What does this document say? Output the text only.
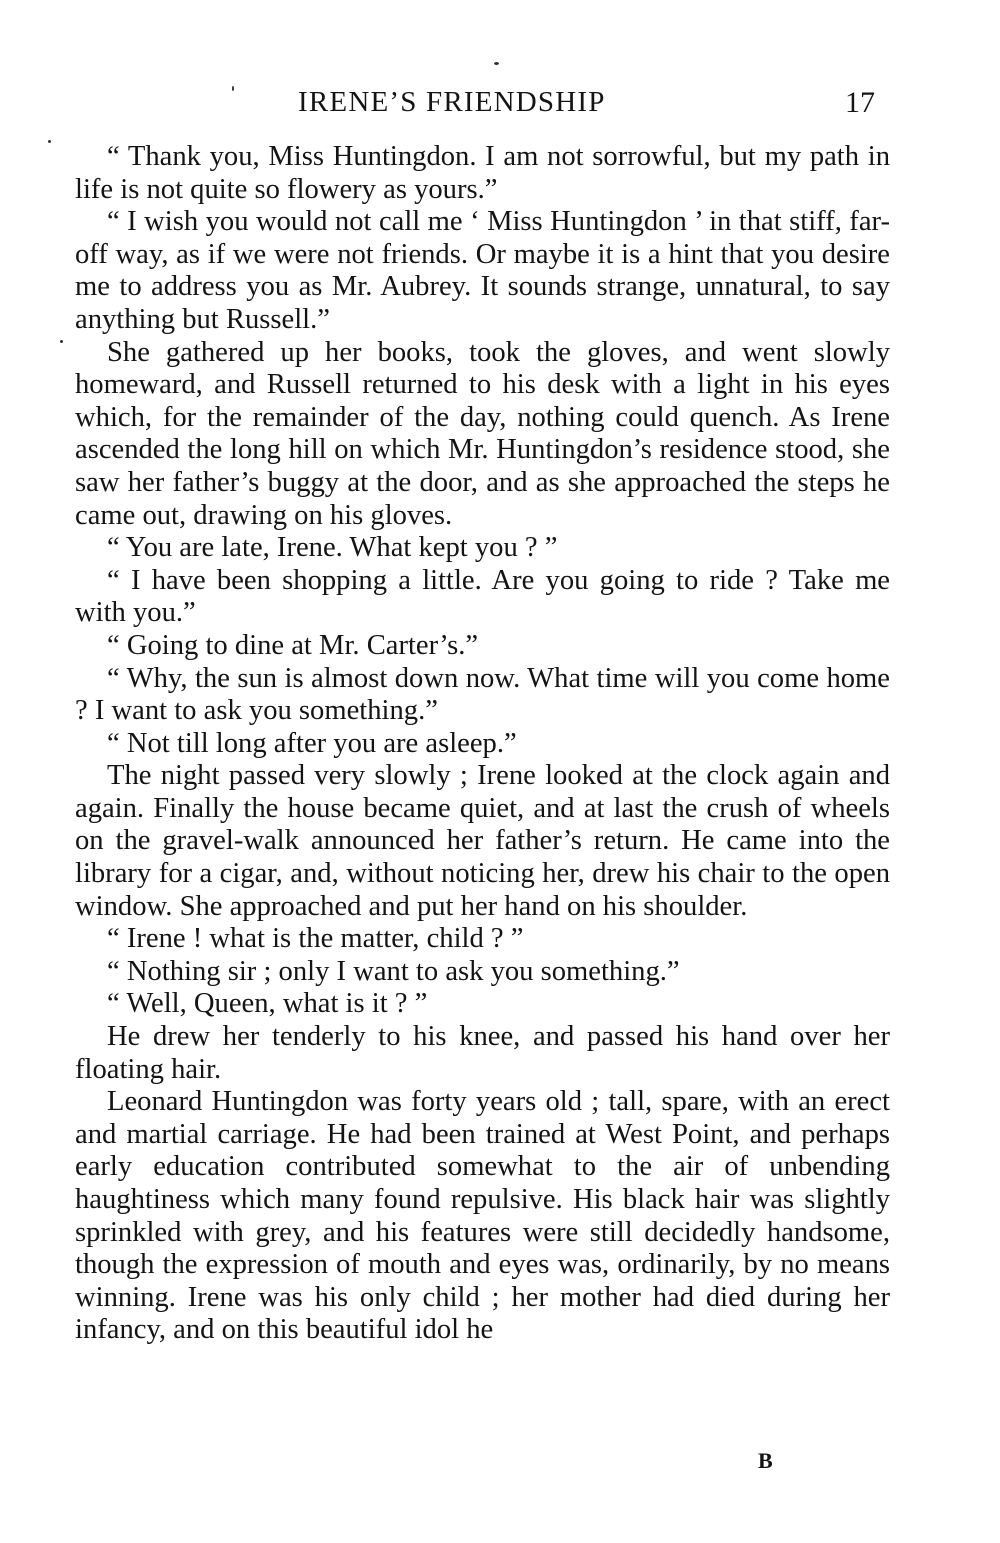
IRENE’S FRIENDSHIP	17

“ Thank you, Miss Huntingdon. I am not sorrowful, but my path in life is not quite so flowery as yours.”

“ I wish you would not call me ‘ Miss Huntingdon ’ in that stiff, far-off way, as if we were not friends. Or maybe it is a hint that you desire me to address you as Mr. Aubrey. It sounds strange, unnatural, to say anything but Russell.”

She gathered up her books, took the gloves, and went slowly homeward, and Russell returned to his desk with a light in his eyes which, for the remainder of the day, nothing could quench. As Irene ascended the long hill on which Mr. Huntingdon’s residence stood, she saw her father’s buggy at the door, and as she approached the steps he came out, drawing on his gloves.

“ You are late, Irene. What kept you ? ”

“ I have been shopping a little. Are you going to ride ? Take me with you.”

“ Going to dine at Mr. Carter’s.”

“ Why, the sun is almost down now. What time will you come home ? I want to ask you something.”

“ Not till long after you are asleep.”

The night passed very slowly ; Irene looked at the clock again and again. Finally the house became quiet, and at last the crush of wheels on the gravel-walk announced her father’s return. He came into the library for a cigar, and, without noticing her, drew his chair to the open window. She approached and put her hand on his shoulder.

“ Irene ! what is the matter, child ? ”

“ Nothing sir ; only I want to ask you something.”

“ Well, Queen, what is it ? ”

He drew her tenderly to his knee, and passed his hand over her floating hair.

Leonard Huntingdon was forty years old ; tall, spare, with an erect and martial carriage. He had been trained at West Point, and perhaps early education contributed somewhat to the air of unbending haughtiness which many found repulsive. His black hair was slightly sprinkled with grey, and his features were still decidedly handsome, though the expression of mouth and eyes was, ordinarily, by no means winning. Irene was his only child ; her mother had died during her infancy, and on this beautiful idol he

B
